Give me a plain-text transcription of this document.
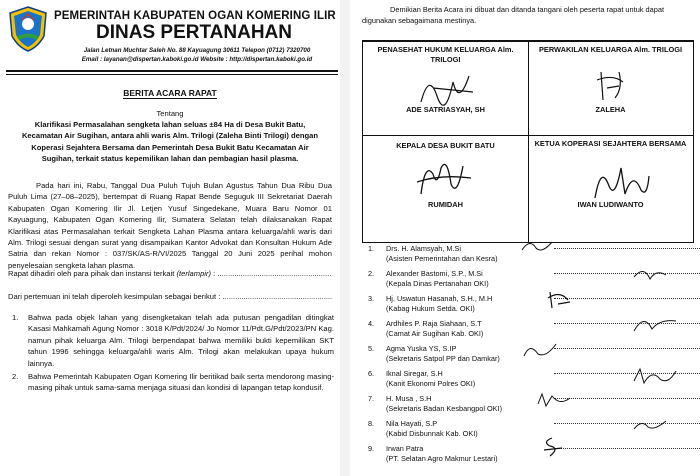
PEMERINTAH KABUPATEN OGAN KOMERING ILIR
DINAS PERTANAHAN
Jalan Letnan Muchtar Saleh No. 88 Kayuagung 30611 Telepon (0712) 7320700
Email : layanan@dispertan.kaboki.go.id Website : http://dispertan.kaboki.go.id
BERITA ACARA RAPAT
Tentang
Klarifikasi Permasalahan sengketa lahan seluas ±84 Ha di Desa Bukit Batu, Kecamatan Air Sugihan, antara ahli waris Alm. Trilogi (Zaleha Binti Trilogi) dengan Koperasi Sejahtera Bersama dan Pemerintah Desa Bukit Batu Kecamatan Air Sugihan, terkait status kepemilikan lahan dan pembagian hasil plasma.
Pada hari ini, Rabu, Tanggal Dua Puluh Tujuh Bulan Agustus Tahun Dua Ribu Dua Puluh Lima (27–08–2025), bertempat di Ruang Rapat Bende Seguguk III Sekretariat Daerah Kabupaten Ogan Komering Ilir Jl. Letjen Yusuf Singedekane, Muara Baru Nomor 01 Kayuagung, Kabupaten Ogan Komering Ilir, Sumatera Selatan telah dilaksanakan Rapat Klarifikasi atas Permasalahan terkait Sengketa Lahan Plasma antara keluarga/ahli waris dari Alm. Trilogi sesuai dengan surat yang disampaikan Kantor Advokat dan Konsultan Hukum Ade Satria dan rekan Nomor : 037/SK/AS-R/VI/2025 Tanggal 20 Juni 2025 perihal mohon penyelesaian sengketa lahan plasma.
Rapat dihadiri oleh para pihak dan instansi terkait (terlampir) : .....
Dari pertemuan ini telah diperoleh kesimpulan sebagai berikut : .....
1. Bahwa pada objek lahan yang disengketakan telah ada putusan pengadilan ditingkat Kasasi Mahkamah Agung Nomor : 3018 K/Pdt/2024/ Jo Nomor 11/Pdt.G/Pdt/2023/PN Kag. namun pihak keluarga Alm. Trilogi berpendapat bahwa memiliki bukti kepemilikan SKT tahun 1996 sehingga keluarga/ahli waris Alm. Trilogi akan melakukan upaya hukum lainnya.
2. Bahwa Pemerintah Kabupaten Ogan Komering Ilir beritikad baik serta mendorong masing-masing pihak untuk sama-sama menjaga situasi dan kondisi di lapangan tetap kondusif.
Demikian Berita Acara ini dibuat dan ditanda tangani oleh peserta rapat untuk dapat digunakan sebagaimana mestinya.
PENASEHAT HUKUM KELUARGA Alm. TRILOGI
ADE SATRIASYAH, SH
PERWAKILAN KELUARGA Alm. TRILOGI
ZALEHA
KEPALA DESA BUKIT BATU
RUMIDAH
KETUA KOPERASI SEJAHTERA BERSAMA
IWAN LUDIWANTO
1. Drs. H. Alamsyah, M.Si
(Asisten Pemerintahan dan Kesra)
2. Alexander Bastomi, S.P., M.Si
(Kepala Dinas Pertanahan OKI)
3. Hj. Uswatun Hasanah, S.H., M.H
(Kabag Hukum Setda. OKI)
4. Ardhiles P. Raja Siahaan, S.T
(Camat Air Sugihan Kab. OKI)
5. Agma Yuska YS, S.IP
(Sekretaris Satpol PP dan Damkar)
6. Iknal Siregar, S.H
(Kanit Ekonomi Polres OKI)
7. H. Musa , S.H
(Sekretaris Badan Kesbangpol OKI)
8. Nila Hayati, S.P
(Kabid Disbunnak Kab. OKI)
9. Irwan Patra
(PT. Selatan Agro Makmur Lestari)
